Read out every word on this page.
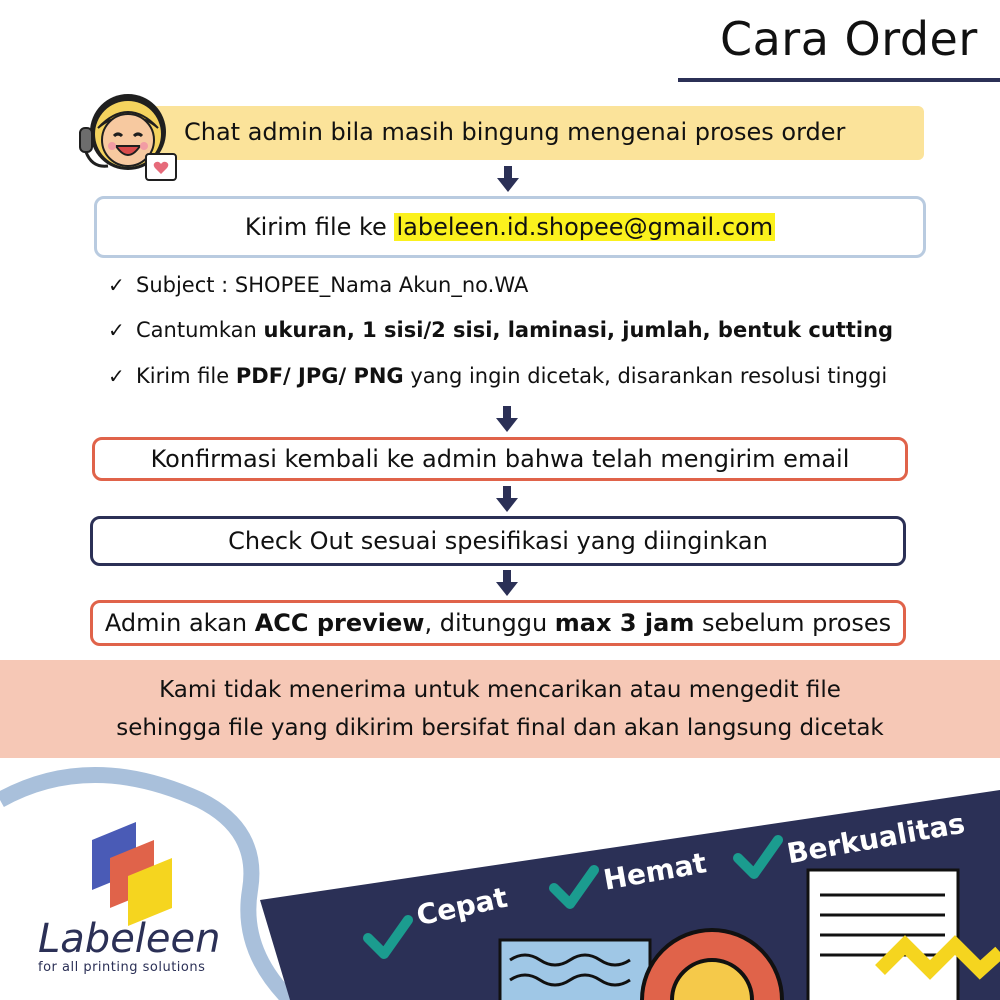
Cara Order
Chat admin bila masih bingung mengenai proses order
Kirim file ke labeleen.id.shopee@gmail.com
✓ Subject : SHOPEE_Nama Akun_no.WA
✓ Cantumkan ukuran, 1 sisi/2 sisi, laminasi, jumlah, bentuk cutting
✓ Kirim file PDF/ JPG/ PNG yang ingin dicetak, disarankan resolusi tinggi
Konfirmasi kembali ke admin bahwa telah mengirim email
Check Out sesuai spesifikasi yang diinginkan
Admin akan ACC preview, ditunggu max 3 jam sebelum proses
Kami tidak menerima untuk mencarikan atau mengedit file
sehingga file yang dikirim bersifat final dan akan langsung dicetak
Cepat
Hemat
Berkualitas
Labeleen
for all printing solutions
